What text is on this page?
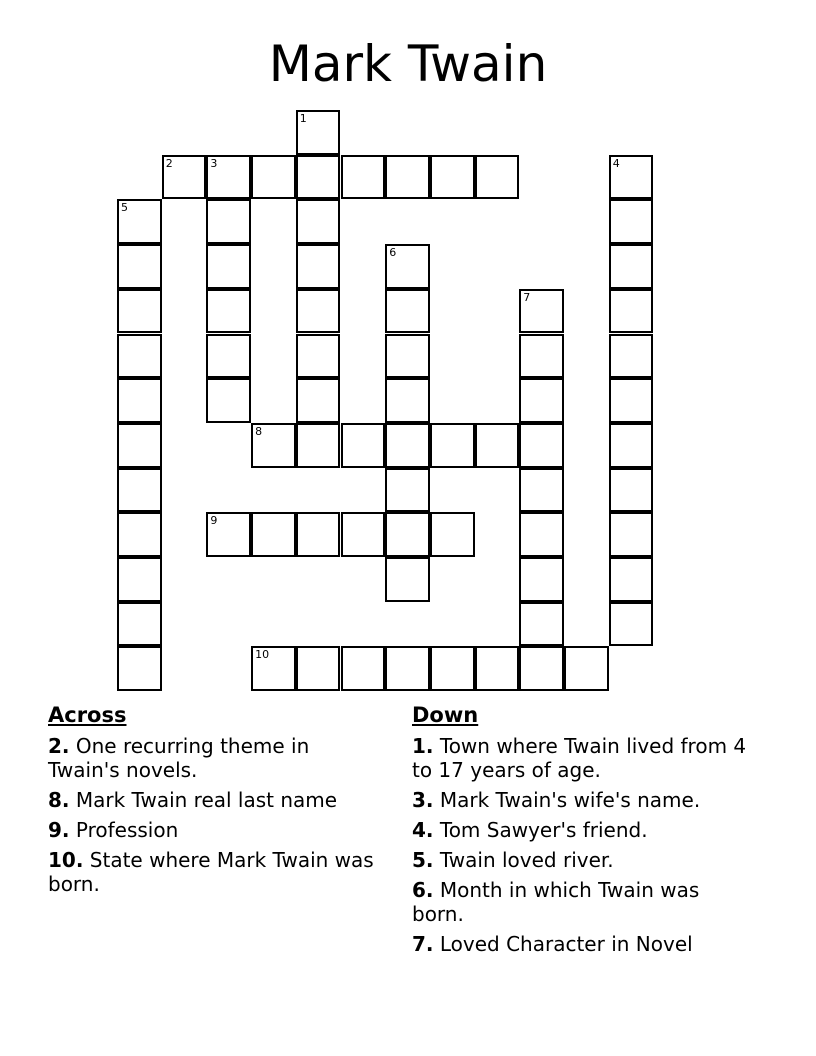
Mark Twain
1
2	3	4
5
6
7
8
9
10
Across
2. One recurring theme in Twain's novels.
8. Mark Twain real last name
9. Profession
10. State where Mark Twain was born.
Down
1. Town where Twain lived from 4 to 17 years of age.
3. Mark Twain's wife's name.
4. Tom Sawyer's friend.
5. Twain loved river.
6. Month in which Twain was born.
7. Loved Character in Novel
